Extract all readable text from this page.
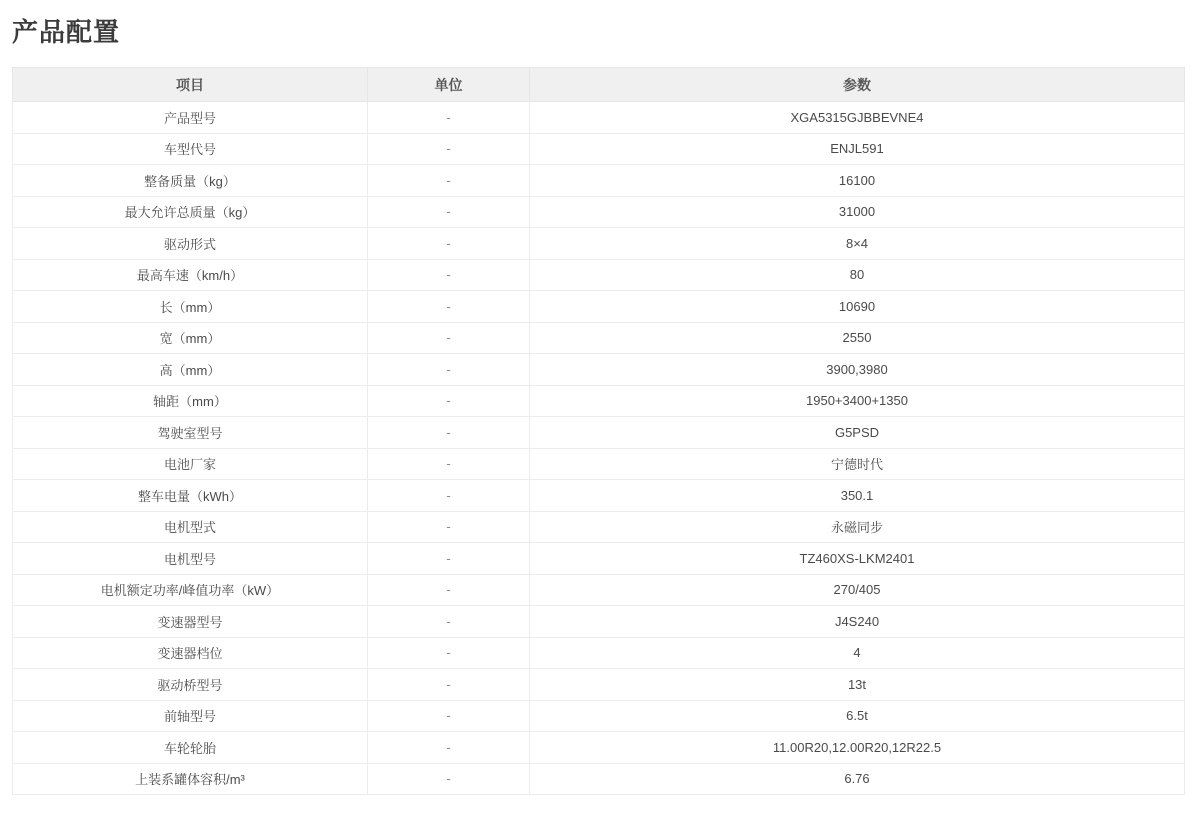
产品配置
项目	单位	参数
产品型号	-	XGA5315GJBBEVNE4
车型代号	-	ENJL591
整备质量（kg）	-	16100
最大允许总质量（kg）	-	31000
驱动形式	-	8×4
最高车速（km/h）	-	80
长（mm）	-	10690
宽（mm）	-	2550
高（mm）	-	3900,3980
轴距（mm）	-	1950+3400+1350
驾驶室型号	-	G5PSD
电池厂家	-	宁德时代
整车电量（kWh）	-	350.1
电机型式	-	永磁同步
电机型号	-	TZ460XS-LKM2401
电机额定功率/峰值功率（kW）	-	270/405
变速器型号	-	J4S240
变速器档位	-	4
驱动桥型号	-	13t
前轴型号	-	6.5t
车轮轮胎	-	11.00R20,12.00R20,12R22.5
上装系罐体容积/m³	-	6.76
